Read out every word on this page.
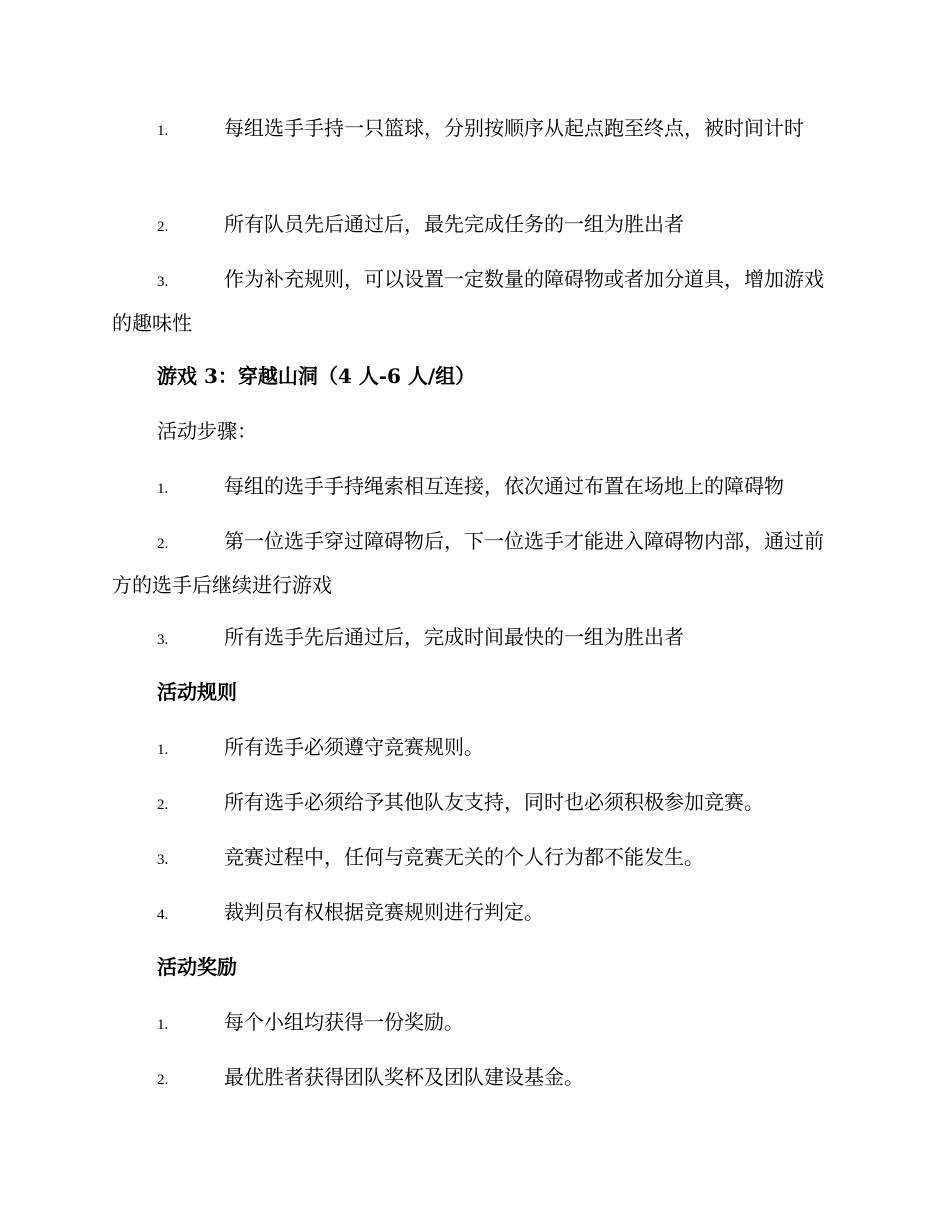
1.	每组选手手持一只篮球，分别按顺序从起点跑至终点，被时间计时

2.	所有队员先后通过后，最先完成任务的一组为胜出者

3.	作为补充规则，可以设置一定数量的障碍物或者加分道具，增加游戏的趣味性

游戏 3：穿越山洞（4 人-6 人/组）

活动步骤：

1.	每组的选手手持绳索相互连接，依次通过布置在场地上的障碍物

2.	第一位选手穿过障碍物后，下一位选手才能进入障碍物内部，通过前方的选手后继续进行游戏

3.	所有选手先后通过后，完成时间最快的一组为胜出者

活动规则

1.	所有选手必须遵守竞赛规则。

2.	所有选手必须给予其他队友支持，同时也必须积极参加竞赛。

3.	竞赛过程中，任何与竞赛无关的个人行为都不能发生。

4.	裁判员有权根据竞赛规则进行判定。

活动奖励

1.	每个小组均获得一份奖励。

2.	最优胜者获得团队奖杯及团队建设基金。
